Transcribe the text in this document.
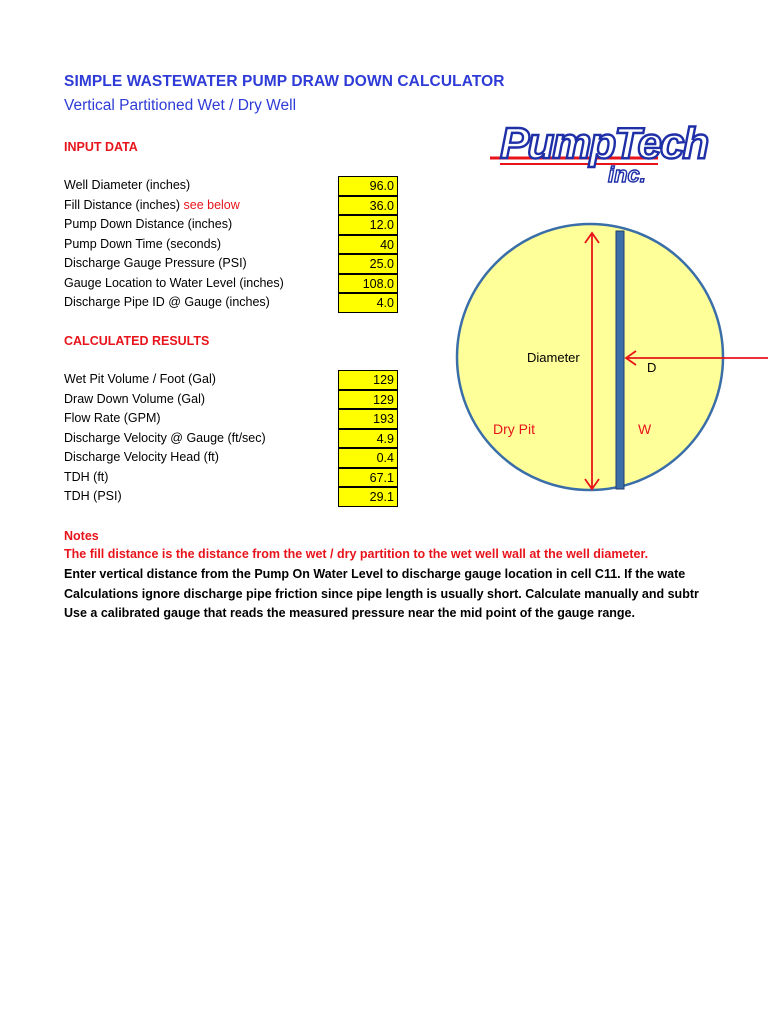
SIMPLE WASTEWATER PUMP DRAW DOWN CALCULATOR
Vertical Partitioned Wet / Dry Well
PumpTech
inc.
INPUT DATA
Well Diameter (inches)	96.0
Fill Distance (inches) see below	36.0
Pump Down Distance (inches)	12.0
Pump Down Time (seconds)	40
Discharge Gauge Pressure (PSI)	25.0
Gauge Location to Water Level (inches)	108.0
Discharge Pipe ID @ Gauge (inches)	4.0
CALCULATED RESULTS
Wet Pit Volume / Foot (Gal)	129
Draw Down Volume (Gal)	129
Flow Rate (GPM)	193
Discharge Velocity @ Gauge (ft/sec)	4.9
Discharge Velocity Head (ft)	0.4
TDH (ft)	67.1
TDH (PSI)	29.1
Diameter
D
Dry Pit	W
Notes
The fill distance is the distance from the wet / dry partition to the wet well wall at the well diameter.
Enter vertical distance from the Pump On Water Level to discharge gauge location in cell C11. If the wate
Calculations ignore discharge pipe friction since pipe length is usually short. Calculate manually and subtr
Use a calibrated gauge that reads the measured pressure near the mid point of the gauge range.
